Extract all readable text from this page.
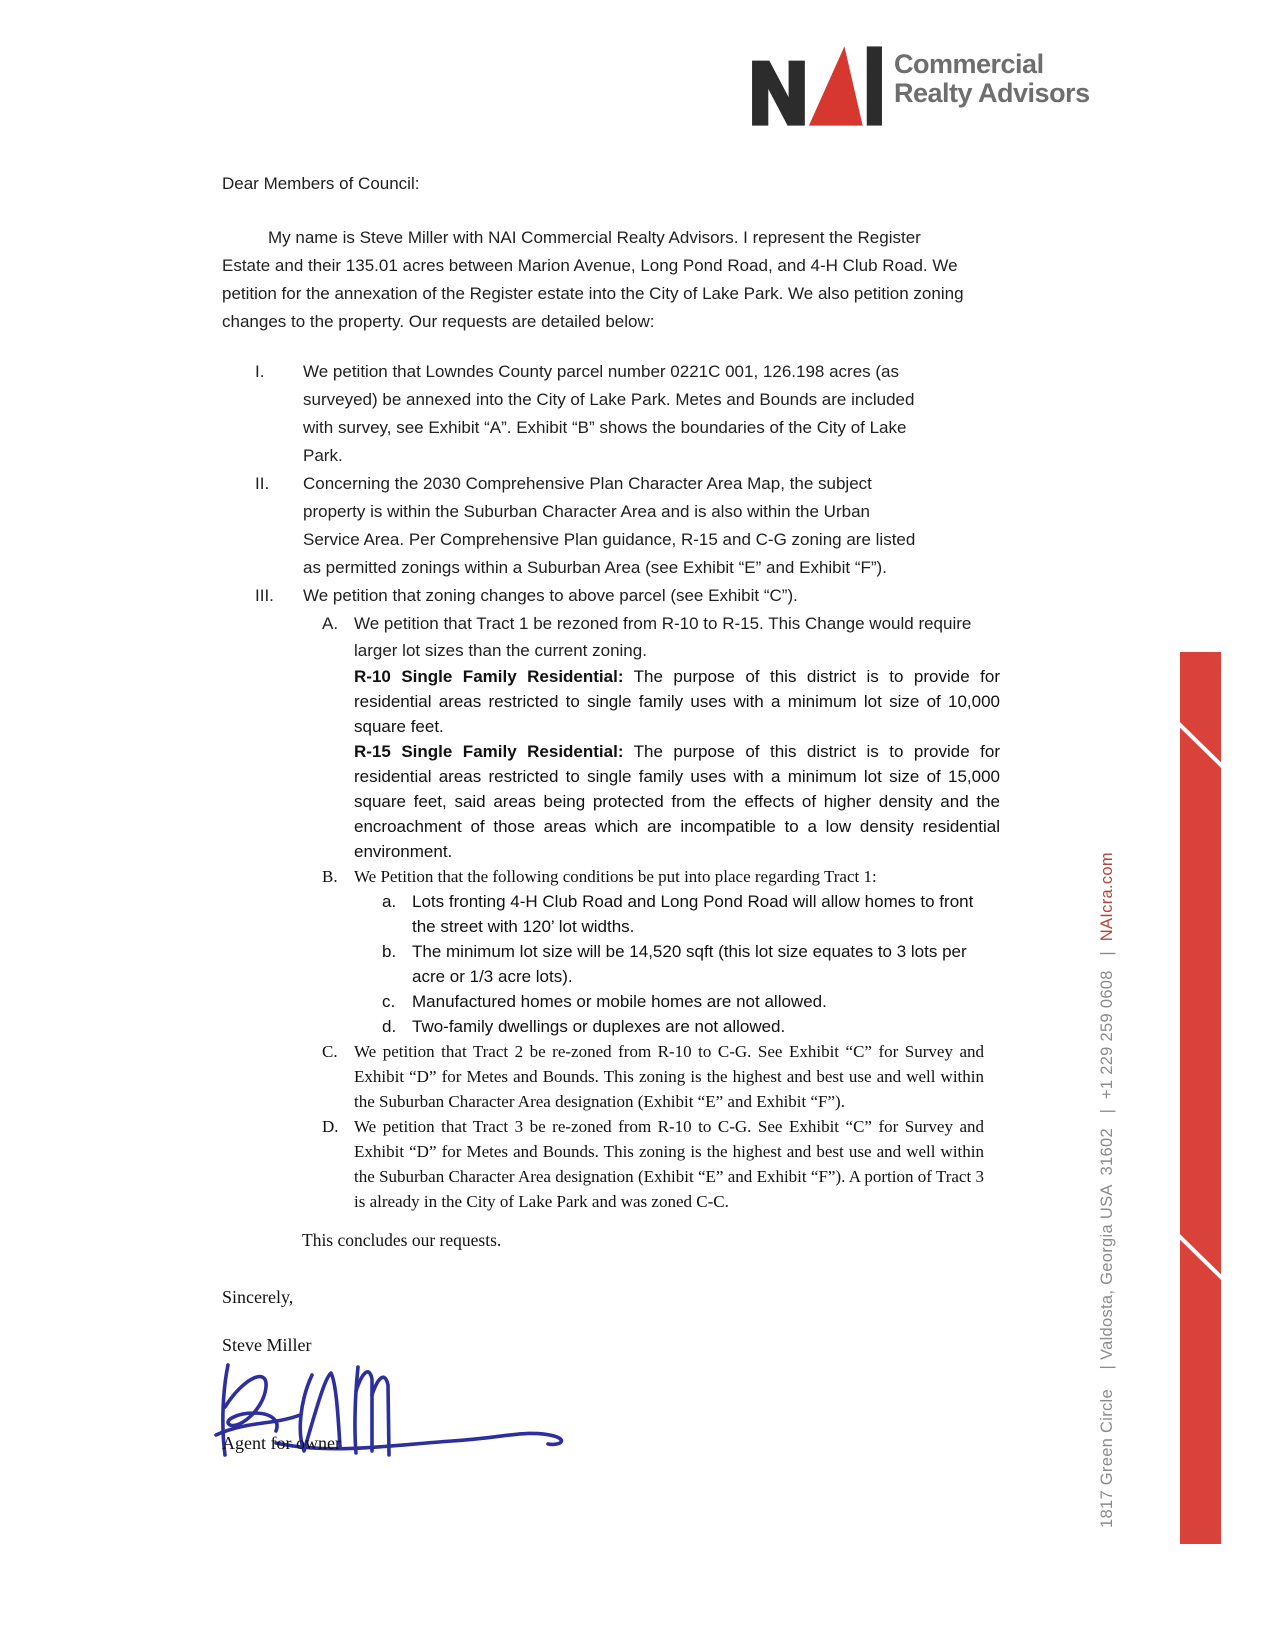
Commercial
Realty Advisors

Dear Members of Council:

My name is Steve Miller with NAI Commercial Realty Advisors. I represent the Register Estate and their 135.01 acres between Marion Avenue, Long Pond Road, and 4-H Club Road. We petition for the annexation of the Register estate into the City of Lake Park. We also petition zoning changes to the property. Our requests are detailed below:

I.	We petition that Lowndes County parcel number 0221C 001, 126.198 acres (as surveyed) be annexed into the City of Lake Park. Metes and Bounds are included with survey, see Exhibit “A”. Exhibit “B” shows the boundaries of the City of Lake Park.
II.	Concerning the 2030 Comprehensive Plan Character Area Map, the subject property is within the Suburban Character Area and is also within the Urban Service Area. Per Comprehensive Plan guidance, R-15 and C-G zoning are listed as permitted zonings within a Suburban Area (see Exhibit “E” and Exhibit “F”).
III.	We petition that zoning changes to above parcel (see Exhibit “C”).
A. We petition that Tract 1 be rezoned from R-10 to R-15. This Change would require larger lot sizes than the current zoning.
R-10 Single Family Residential: The purpose of this district is to provide for residential areas restricted to single family uses with a minimum lot size of 10,000 square feet.
R-15 Single Family Residential: The purpose of this district is to provide for residential areas restricted to single family uses with a minimum lot size of 15,000 square feet, said areas being protected from the effects of higher density and the encroachment of those areas which are incompatible to a low density residential environment.
B. We Petition that the following conditions be put into place regarding Tract 1:
a. Lots fronting 4-H Club Road and Long Pond Road will allow homes to front the street with 120’ lot widths.
b. The minimum lot size will be 14,520 sqft (this lot size equates to 3 lots per acre or 1/3 acre lots).
c. Manufactured homes or mobile homes are not allowed.
d. Two-family dwellings or duplexes are not allowed.
C. We petition that Tract 2 be re-zoned from R-10 to C-G. See Exhibit “C” for Survey and Exhibit “D” for Metes and Bounds. This zoning is the highest and best use and well within the Suburban Character Area designation (Exhibit “E” and Exhibit “F”).
D. We petition that Tract 3 be re-zoned from R-10 to C-G. See Exhibit “C” for Survey and Exhibit “D” for Metes and Bounds. This zoning is the highest and best use and well within the Suburban Character Area designation (Exhibit “E” and Exhibit “F”). A portion of Tract 3 is already in the City of Lake Park and was zoned C-C.

This concludes our requests.

Sincerely,

Steve Miller

Agent for owner	1817 Green Circle    | Valdosta, Georgia USA  31602   |  +1 229 259 0608   |  NAIcra.com
